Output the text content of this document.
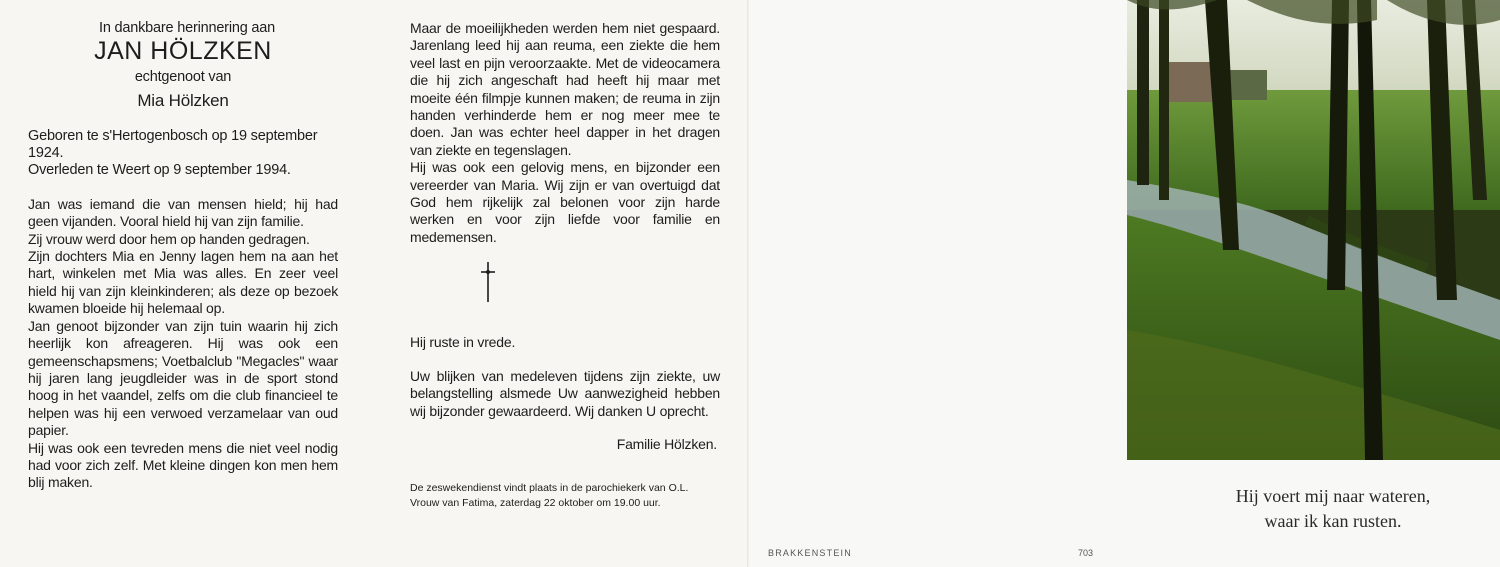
In dankbare herinnering aan
JAN HÖLZKEN
echtgenoot van
Mia Hölzken
Geboren te s'Hertogenbosch op 19 september 1924.
Overleden te Weert op 9 september 1994.

Jan was iemand die van mensen hield; hij had geen vijanden. Vooral hield hij van zijn familie.

Zij vrouw werd door hem op handen gedragen.

Zijn dochters Mia en Jenny lagen hem na aan het hart, winkelen met Mia was alles. En zeer veel hield hij van zijn kleinkinderen; als deze op bezoek kwamen bloeide hij helemaal op.

Jan genoot bijzonder van zijn tuin waarin hij zich heerlijk kon afreageren. Hij was ook een gemeenschapsmens; Voetbalclub "Megacles" waar hij jaren lang jeugdleider was in de sport stond hoog in het vaandel, zelfs om die club financieel te helpen was hij een verwoed verzamelaar van oud papier.

Hij was ook een tevreden mens die niet veel nodig had voor zich zelf. Met kleine dingen kon men hem blij maken.

Maar de moeilijkheden werden hem niet gespaard. Jarenlang leed hij aan reuma, een ziekte die hem veel last en pijn veroorzaakte. Met de videocamera die hij zich angeschaft had heeft hij maar met moeite één filmpje kunnen maken; de reuma in zijn handen verhinderde hem er nog meer mee te doen. Jan was echter heel dapper in het dragen van ziekte en tegenslagen.

Hij was ook een gelovig mens, en bijzonder een vereerder van Maria. Wij zijn er van overtuigd dat God hem rijkelijk zal belonen voor zijn harde werken en voor zijn liefde voor familie en medemensen.

Hij ruste in vrede.
Uw blijken van medeleven tijdens zijn ziekte, uw belangstelling alsmede Uw aanwezigheid hebben wij bijzonder gewaardeerd. Wij danken U oprecht.
Familie Hölzken.
De zeswekendienst vindt plaats in de parochiekerk van O.L. Vrouw van Fatima, zaterdag 22 oktober om 19.00 uur.	Hij voert mij naar wateren,
waar ik kan rusten.
BRAKKENSTEIN	703
